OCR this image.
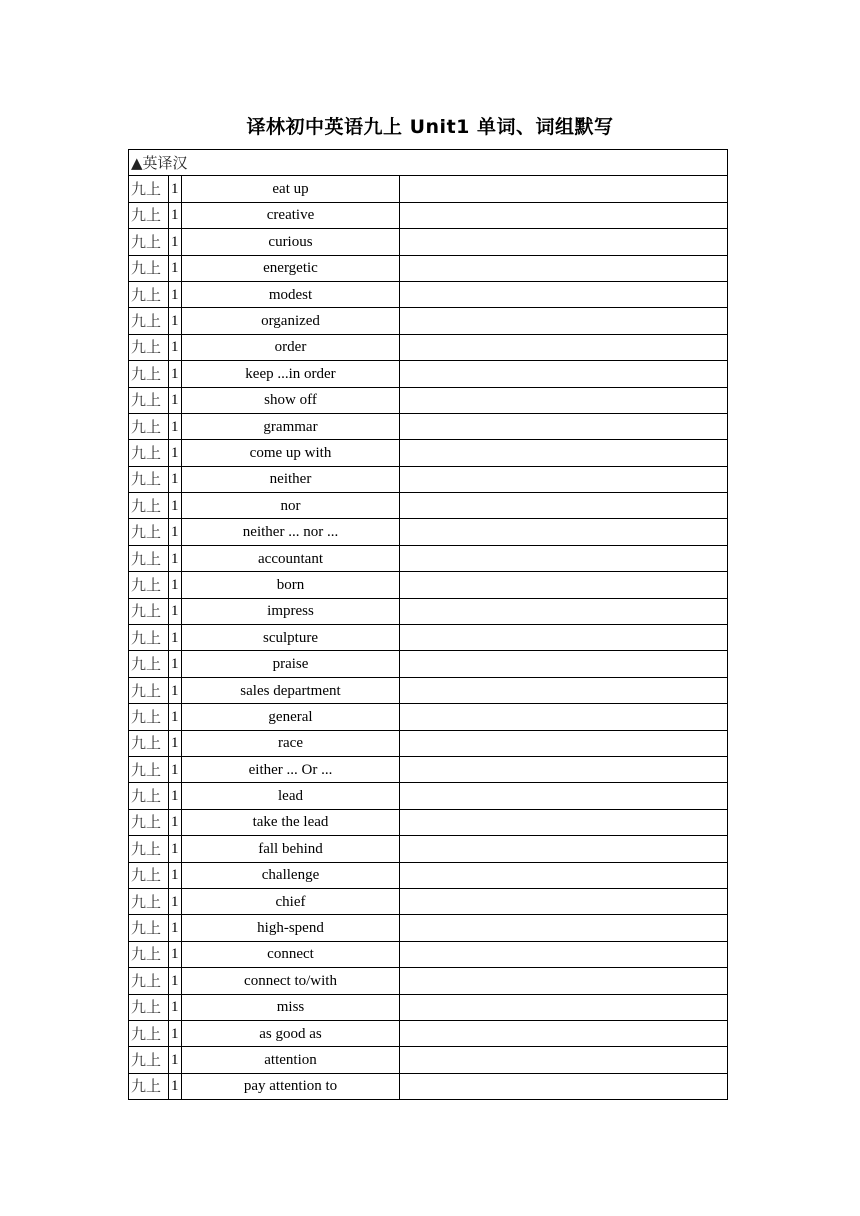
译林初中英语九上 Unit1 单词、词组默写
▲英译汉			
九上	1	eat up	
九上	1	creative	
九上	1	curious	
九上	1	energetic	
九上	1	modest	
九上	1	organized	
九上	1	order	
九上	1	keep ...in order	
九上	1	show off	
九上	1	grammar	
九上	1	come up with	
九上	1	neither	
九上	1	nor	
九上	1	neither ... nor ...	
九上	1	accountant	
九上	1	born	
九上	1	impress	
九上	1	sculpture	
九上	1	praise	
九上	1	sales department	
九上	1	general	
九上	1	race	
九上	1	either ... Or ...	
九上	1	lead	
九上	1	take the lead	
九上	1	fall behind	
九上	1	challenge	
九上	1	chief	
九上	1	high-spend	
九上	1	connect	
九上	1	connect to/with	
九上	1	miss	
九上	1	as good as	
九上	1	attention	
九上	1	pay attention to	
